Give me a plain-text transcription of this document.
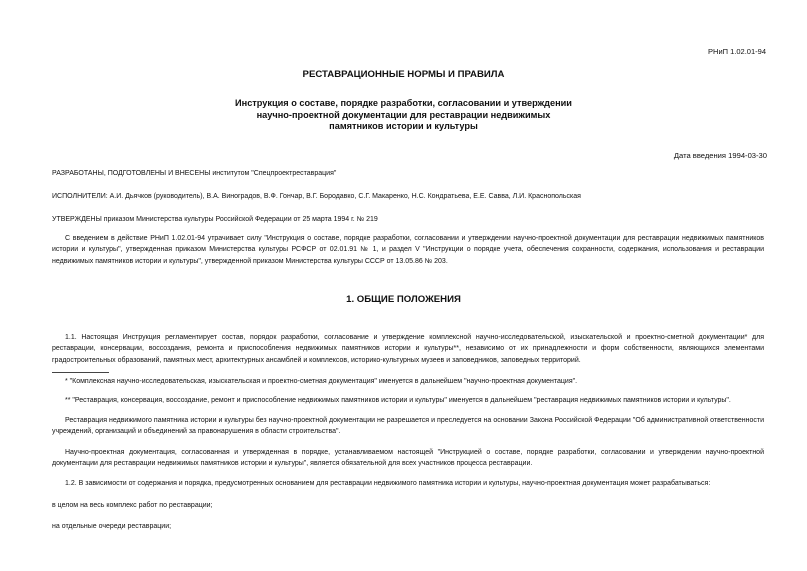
РНиП 1.02.01-94
РЕСТАВРАЦИОННЫЕ НОРМЫ И ПРАВИЛА
Инструкция о составе, порядке разработки, согласовании и утверждении
научно-проектной документации для реставрации недвижимых
памятников истории и культуры
Дата введения 1994-03-30
РАЗРАБОТАНЫ, ПОДГОТОВЛЕНЫ И ВНЕСЕНЫ институтом "Спецпроектреставрация"
ИСПОЛНИТЕЛИ: А.И. Дьячков (руководитель), В.А. Виноградов, В.Ф. Гончар, В.Г. Бородавко, С.Г. Макаренко, Н.С. Кондратьева, Е.Е. Савва, Л.И. Краснопольская
УТВЕРЖДЕНЫ приказом Министерства культуры Российской Федерации от 25 марта 1994 г. № 219
С введением в действие РНиП 1.02.01-94 утрачивает силу "Инструкция о составе, порядке разработки, согласовании и утверждении научно-проектной документации для реставрации недвижимых памятников истории и культуры", утвержденная приказом Министерства культуры РСФСР от 02.01.91 № 1, и раздел V "Инструкции о порядке учета, обеспечения сохранности, содержания, использования и реставрации недвижимых памятников истории и культуры", утвержденной приказом Министерства культуры СССР от 13.05.86 № 203.
1. ОБЩИЕ ПОЛОЖЕНИЯ
1.1. Настоящая Инструкция регламентирует состав, порядок разработки, согласование и утверждение комплексной научно-исследовательской, изыскательской и проектно-сметной документации* для реставрации, консервации, воссоздания, ремонта и приспособления недвижимых памятников истории и культуры**, независимо от их принадлежности и форм собственности, являющихся элементами градостроительных образований, памятных мест, архитектурных ансамблей и комплексов, историко-культурных музеев и заповедников, заповедных территорий.
* "Комплексная научно-исследовательская, изыскательская и проектно-сметная документация" именуется в дальнейшем "научно-проектная документация".
** "Реставрация, консервация, воссоздание, ремонт и приспособление недвижимых памятников истории и культуры" именуется в дальнейшем "реставрация недвижимых памятников истории и культуры".
Реставрация недвижимого памятника истории и культуры без научно-проектной документации не разрешается и преследуется на основании Закона Российской Федерации "Об административной ответственности учреждений, организаций и объединений за правонарушения в области строительства".
Научно-проектная документация, согласованная и утвержденная в порядке, устанавливаемом настоящей "Инструкцией о составе, порядке разработки, согласовании и утверждении научно-проектной документации для реставрации недвижимых памятников истории и культуры", является обязательной для всех участников процесса реставрации.
1.2. В зависимости от содержания и порядка, предусмотренных основанием для реставрации недвижимого памятника истории и культуры, научно-проектная документация может разрабатываться:
в целом на весь комплекс работ по реставрации;
на отдельные очереди реставрации;
